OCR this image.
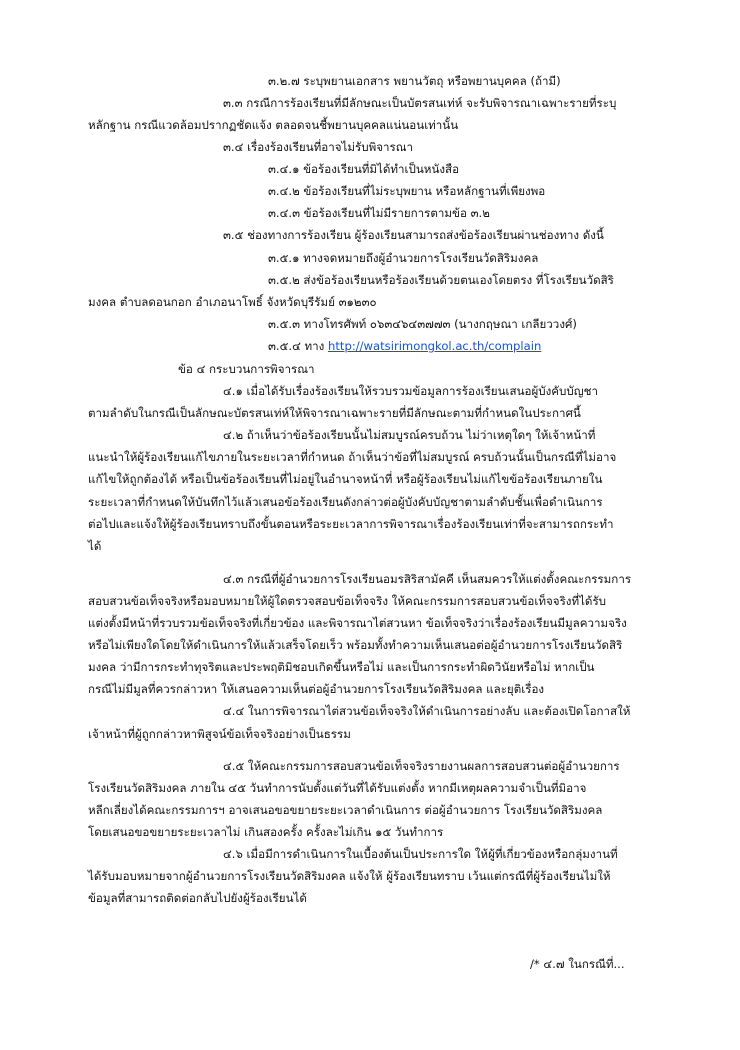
๓.๒.๗ ระบุพยานเอกสาร พยานวัตถุ หรือพยานบุคคล (ถ้ามี)
๓.๓ กรณีการร้องเรียนที่มีลักษณะเป็นบัตรสนเท่ห์ จะรับพิจารณาเฉพาะรายที่ระบุ
หลักฐาน กรณีแวดล้อมปรากฏชัดแจ้ง ตลอดจนชี้พยานบุคคลแน่นอนเท่านั้น
๓.๔ เรื่องร้องเรียนที่อาจไม่รับพิจารณา
๓.๔.๑ ข้อร้องเรียนที่มิได้ทำเป็นหนังสือ
๓.๔.๒ ข้อร้องเรียนที่ไม่ระบุพยาน หรือหลักฐานที่เพียงพอ
๓.๔.๓ ข้อร้องเรียนที่ไม่มีรายการตามข้อ ๓.๒
๓.๕ ช่องทางการร้องเรียน ผู้ร้องเรียนสามารถส่งข้อร้องเรียนผ่านช่องทาง ดังนี้
๓.๕.๑ ทางจดหมายถึงผู้อำนวยการโรงเรียนวัดสิริมงคล
๓.๕.๒ ส่งข้อร้องเรียนหรือร้องเรียนด้วยตนเองโดยตรง ที่โรงเรียนวัดสิริ
มงคล ตำบลดอนกอก อำเภอนาโพธิ์ จังหวัดบุรีรัมย์ ๓๑๒๓๐
๓.๕.๓ ทางโทรศัพท์ ๐๖๓๔๖๔๓๗๗๓ (นางกฤษณา เกลียววงศ์)
๓.๕.๔ ทาง http://watsirimongkol.ac.th/complain
ข้อ ๔ กระบวนการพิจารณา
๔.๑ เมื่อได้รับเรื่องร้องเรียนให้รวบรวมข้อมูลการร้องเรียนเสนอผู้บังคับบัญชา
ตามลำดับในกรณีเป็นลักษณะบัตรสนเท่ห์ให้พิจารณาเฉพาะรายที่มีลักษณะตามที่กำหนดในประกาศนี้
๔.๒ ถ้าเห็นว่าข้อร้องเรียนนั้นไม่สมบูรณ์ครบถ้วน ไม่ว่าเหตุใดๆ ให้เจ้าหน้าที่
แนะนำให้ผู้ร้องเรียนแก้ไขภายในระยะเวลาที่กำหนด ถ้าเห็นว่าข้อที่ไม่สมบูรณ์ ครบถ้วนนั้นเป็นกรณีที่ไม่อาจ
แก้ไขให้ถูกต้องได้ หรือเป็นข้อร้องเรียนที่ไม่อยู่ในอำนาจหน้าที่ หรือผู้ร้องเรียนไม่แก้ไขข้อร้องเรียนภายใน
ระยะเวลาที่กำหนดให้บันทึกไว้แล้วเสนอข้อร้องเรียนดังกล่าวต่อผู้บังคับบัญชาตามลำดับชั้นเพื่อดำเนินการ
ต่อไปและแจ้งให้ผู้ร้องเรียนทราบถึงขั้นตอนหรือระยะเวลาการพิจารณาเรื่องร้องเรียนเท่าที่จะสามารถกระทำ
ได้
๔.๓ กรณีที่ผู้อำนวยการโรงเรียนอมรสิริสามัคคี เห็นสมควรให้แต่งตั้งคณะกรรมการ
สอบสวนข้อเท็จจริงหรือมอบหมายให้ผู้ใดตรวจสอบข้อเท็จจริง ให้คณะกรรมการสอบสวนข้อเท็จจริงที่ได้รับ
แต่งตั้งมีหน้าที่รวบรวมข้อเท็จจริงที่เกี่ยวข้อง และพิจารณาไต่สวนหา ข้อเท็จจริงว่าเรื่องร้องเรียนมีมูลความจริง
หรือไม่เพียงใดโดยให้ดำเนินการให้แล้วเสร็จโดยเร็ว พร้อมทั้งทำความเห็นเสนอต่อผู้อำนวยการโรงเรียนวัดสิริ
มงคล ว่ามีการกระทำทุจริตและประพฤติมิชอบเกิดขึ้นหรือไม่ และเป็นการกระทำผิดวินัยหรือไม่ หากเป็น
กรณีไม่มีมูลที่ควรกล่าวหา ให้เสนอความเห็นต่อผู้อำนวยการโรงเรียนวัดสิริมงคล และยุติเรื่อง
๔.๔ ในการพิจารณาไต่สวนข้อเท็จจริงให้ดำเนินการอย่างลับ และต้องเปิดโอกาสให้
เจ้าหน้าที่ผู้ถูกกล่าวหาพิสูจน์ข้อเท็จจริงอย่างเป็นธรรม
๔.๕ ให้คณะกรรมการสอบสวนข้อเท็จจริงรายงานผลการสอบสวนต่อผู้อำนวยการ
โรงเรียนวัดสิริมงคล ภายใน ๔๕ วันทำการนับตั้งแต่วันที่ได้รับแต่งตั้ง หากมีเหตุผลความจำเป็นที่มิอาจ
หลีกเลี่ยงได้คณะกรรมการฯ อาจเสนอขอขยายระยะเวลาดำเนินการ ต่อผู้อำนวยการ โรงเรียนวัดสิริมงคล
โดยเสนอขอขยายระยะเวลาไม่ เกินสองครั้ง ครั้งละไม่เกิน ๑๕ วันทำการ
๔.๖ เมื่อมีการดำเนินการในเบื้องต้นเป็นประการใด ให้ผู้ที่เกี่ยวข้องหรือกลุ่มงานที่
ได้รับมอบหมายจากผู้อำนวยการโรงเรียนวัดสิริมงคล แจ้งให้ ผู้ร้องเรียนทราบ เว้นแต่กรณีที่ผู้ร้องเรียนไม่ให้
ข้อมูลที่สามารถติดต่อกลับไปยังผู้ร้องเรียนได้
/* ๔.๗ ในกรณีที่...
